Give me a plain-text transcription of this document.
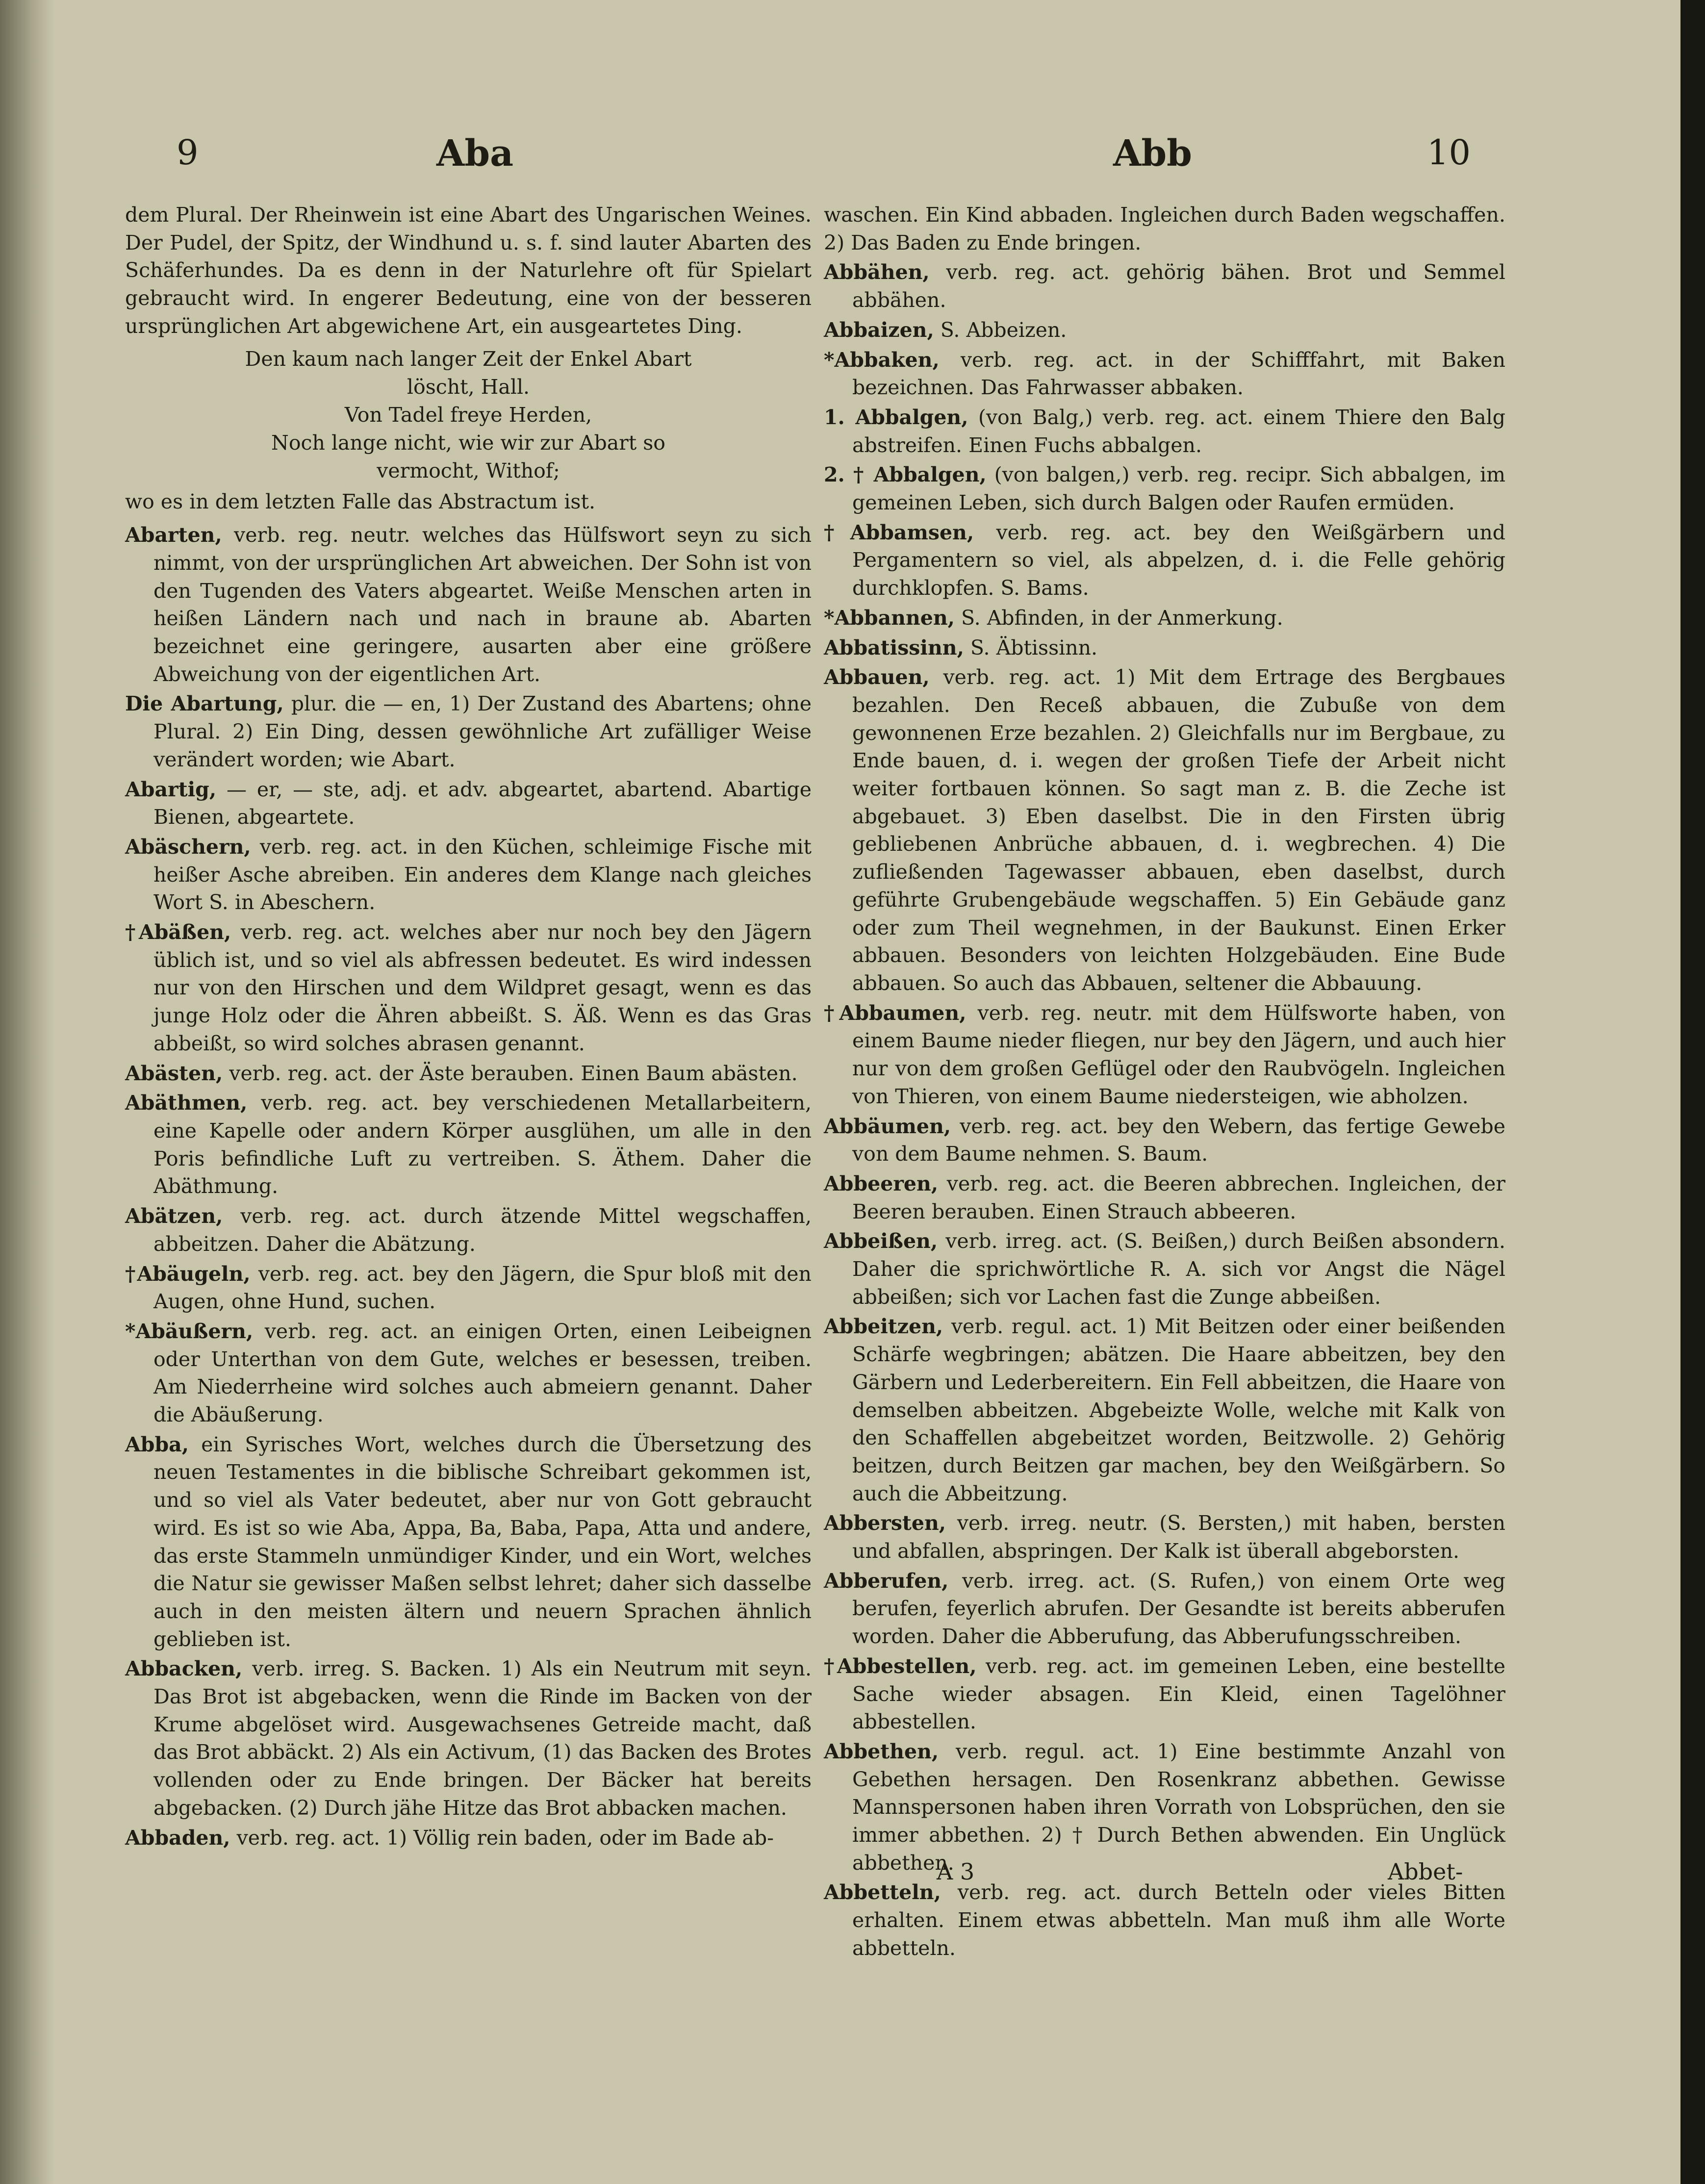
9	Aba	Abb	10

dem Plural. Der Rheinwein ist eine Abart des Ungarischen Weines. Der Pudel, der Spitz, der Windhund u. s. f. sind lauter Abarten des Schäferhundes. Da es denn in der Naturlehre oft für Spielart gebraucht wird. In engerer Bedeutung, eine von der besseren ursprünglichen Art abgewichene Art, ein ausgeartetes Ding.

Den kaum nach langer Zeit der Enkel Abart
löscht, Hall.
Von Tadel freye Herden,
Noch lange nicht, wie wir zur Abart so
vermocht, Withof;

wo es in dem letzten Falle das Abstractum ist.

Abarten, verb. reg. neutr. welches das Hülfswort seyn zu sich nimmt, von der ursprünglichen Art abweichen. Der Sohn ist von den Tugenden des Vaters abgeartet. Weiße Menschen arten in heißen Ländern nach und nach in braune ab. Abarten bezeichnet eine geringere, ausarten aber eine größere Abweichung von der eigentlichen Art.

Die Abartung, plur. die — en, 1) Der Zustand des Abartens; ohne Plural. 2) Ein Ding, dessen gewöhnliche Art zufälliger Weise verändert worden; wie Abart.

Abartig, — er, — ste, adj. et adv. abgeartet, abartend. Abartige Bienen, abgeartete.

Abäschern, verb. reg. act. in den Küchen, schleimige Fische mit heißer Asche abreiben. Ein anderes dem Klange nach gleiches Wort S. in Abeschern.

†Abäßen, verb. reg. act. welches aber nur noch bey den Jägern üblich ist, und so viel als abfressen bedeutet. Es wird indessen nur von den Hirschen und dem Wildpret gesagt, wenn es das junge Holz oder die Ähren abbeißt. S. Äß. Wenn es das Gras abbeißt, so wird solches abrasen genannt.

Abästen, verb. reg. act. der Äste berauben. Einen Baum abästen.

Abäthmen, verb. reg. act. bey verschiedenen Metallarbeitern, eine Kapelle oder andern Körper ausglühen, um alle in den Poris befindliche Luft zu vertreiben. S. Äthem. Daher die Abäthmung.

Abätzen, verb. reg. act. durch ätzende Mittel wegschaffen, abbeitzen. Daher die Abätzung.

†Abäugeln, verb. reg. act. bey den Jägern, die Spur bloß mit den Augen, ohne Hund, suchen.

*Abäußern, verb. reg. act. an einigen Orten, einen Leibeignen oder Unterthan von dem Gute, welches er besessen, treiben. Am Niederrheine wird solches auch abmeiern genannt. Daher die Abäußerung.

Abba, ein Syrisches Wort, welches durch die Übersetzung des neuen Testamentes in die biblische Schreibart gekommen ist, und so viel als Vater bedeutet, aber nur von Gott gebraucht wird. Es ist so wie Aba, Appa, Ba, Baba, Papa, Atta und andere, das erste Stammeln unmündiger Kinder, und ein Wort, welches die Natur sie gewisser Maßen selbst lehret; daher sich dasselbe auch in den meisten ältern und neuern Sprachen ähnlich geblieben ist.

Abbacken, verb. irreg. S. Backen. 1) Als ein Neutrum mit seyn. Das Brot ist abgebacken, wenn die Rinde im Backen von der Krume abgelöset wird. Ausgewachsenes Getreide macht, daß das Brot abbäckt. 2) Als ein Activum, (1) das Backen des Brotes vollenden oder zu Ende bringen. Der Bäcker hat bereits abgebacken. (2) Durch jähe Hitze das Brot abbacken machen.

Abbaden, verb. reg. act. 1) Völlig rein baden, oder im Bade ab-

waschen. Ein Kind abbaden. Ingleichen durch Baden wegschaffen. 2) Das Baden zu Ende bringen.

Abbähen, verb. reg. act. gehörig bähen. Brot und Semmel abbähen.

Abbaizen, S. Abbeizen.

*Abbaken, verb. reg. act. in der Schifffahrt, mit Baken bezeichnen. Das Fahrwasser abbaken.

1. Abbalgen, (von Balg,) verb. reg. act. einem Thiere den Balg abstreifen. Einen Fuchs abbalgen.

2. † Abbalgen, (von balgen,) verb. reg. recipr. Sich abbalgen, im gemeinen Leben, sich durch Balgen oder Raufen ermüden.

†Abbamsen, verb. reg. act. bey den Weißgärbern und Pergamentern so viel, als abpelzen, d. i. die Felle gehörig durchklopfen. S. Bams.

*Abbannen, S. Abfinden, in der Anmerkung.

Abbatissinn, S. Äbtissinn.

Abbauen, verb. reg. act. 1) Mit dem Ertrage des Bergbaues bezahlen. Den Receß abbauen, die Zubuße von dem gewonnenen Erze bezahlen. 2) Gleichfalls nur im Bergbaue, zu Ende bauen, d. i. wegen der großen Tiefe der Arbeit nicht weiter fortbauen können. So sagt man z. B. die Zeche ist abgebauet. 3) Eben daselbst. Die in den Firsten übrig gebliebenen Anbrüche abbauen, d. i. wegbrechen. 4) Die zufließenden Tagewasser abbauen, eben daselbst, durch geführte Grubengebäude wegschaffen. 5) Ein Gebäude ganz oder zum Theil wegnehmen, in der Baukunst. Einen Erker abbauen. Besonders von leichten Holzgebäuden. Eine Bude abbauen. So auch das Abbauen, seltener die Abbauung.

†Abbaumen, verb. reg. neutr. mit dem Hülfsworte haben, von einem Baume nieder fliegen, nur bey den Jägern, und auch hier nur von dem großen Geflügel oder den Raubvögeln. Ingleichen von Thieren, von einem Baume niedersteigen, wie abholzen.

Abbäumen, verb. reg. act. bey den Webern, das fertige Gewebe von dem Baume nehmen. S. Baum.

Abbeeren, verb. reg. act. die Beeren abbrechen. Ingleichen, der Beeren berauben. Einen Strauch abbeeren.

Abbeißen, verb. irreg. act. (S. Beißen,) durch Beißen absondern. Daher die sprichwörtliche R. A. sich vor Angst die Nägel abbeißen; sich vor Lachen fast die Zunge abbeißen.

Abbeitzen, verb. regul. act. 1) Mit Beitzen oder einer beißenden Schärfe wegbringen; abätzen. Die Haare abbeitzen, bey den Gärbern und Lederbereitern. Ein Fell abbeitzen, die Haare von demselben abbeitzen. Abgebeizte Wolle, welche mit Kalk von den Schaffellen abgebeitzet worden, Beitzwolle. 2) Gehörig beitzen, durch Beitzen gar machen, bey den Weißgärbern. So auch die Abbeitzung.

Abbersten, verb. irreg. neutr. (S. Bersten,) mit haben, bersten und abfallen, abspringen. Der Kalk ist überall abgeborsten.

Abberufen, verb. irreg. act. (S. Rufen,) von einem Orte weg berufen, feyerlich abrufen. Der Gesandte ist bereits abberufen worden. Daher die Abberufung, das Abberufungsschreiben.

†Abbestellen, verb. reg. act. im gemeinen Leben, eine bestellte Sache wieder absagen. Ein Kleid, einen Tagelöhner abbestellen.

Abbethen, verb. regul. act. 1) Eine bestimmte Anzahl von Gebethen hersagen. Den Rosenkranz abbethen. Gewisse Mannspersonen haben ihren Vorrath von Lobsprüchen, den sie immer abbethen. 2) † Durch Bethen abwenden. Ein Unglück abbethen.

Abbetteln, verb. reg. act. durch Betteln oder vieles Bitten erhalten. Einem etwas abbetteln. Man muß ihm alle Worte abbetteln.

A 3	Abbet-
